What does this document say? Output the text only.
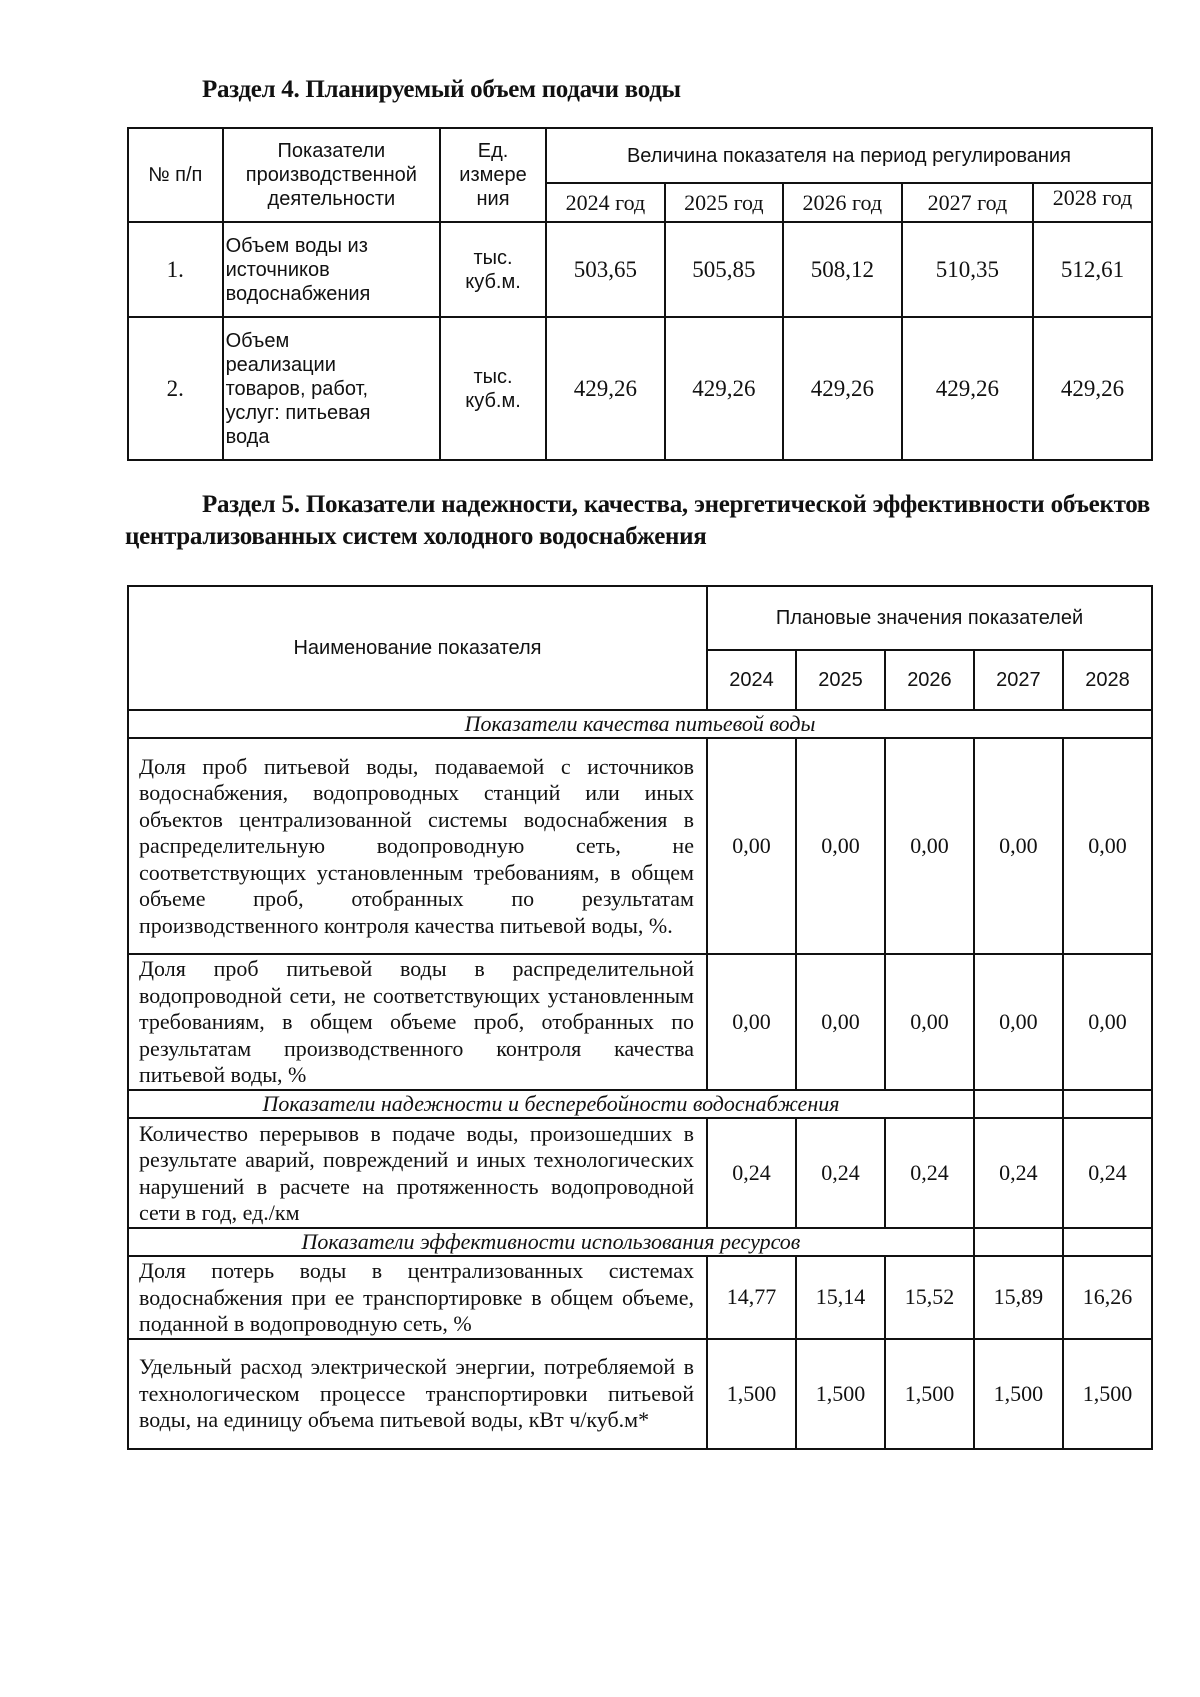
Раздел 4. Планируемый объем подачи воды
№ п/п	Показатели производственной деятельности	Ед. измере ния	Величина показателя на период регулирования				
			2024 год	2025 год	2026 год	2027 год	2028 год
1.	Объем воды из источников водоснабжения	тыс. куб.м.	503,65	505,85	508,12	510,35	512,61
2.	Объем реализации товаров, работ, услуг: питьевая вода	тыс. куб.м.	429,26	429,26	429,26	429,26	429,26
Раздел 5. Показатели надежности, качества, энергетической эффективности объектов централизованных систем холодного водоснабжения
Наименование показателя	Плановые значения показателей				
	2024	2025	2026	2027	2028
Показатели качества питьевой воды					
Доля проб питьевой воды, подаваемой с источников водоснабжения, водопроводных станций или иных объектов централизованной системы водоснабжения в распределительную водопроводную сеть, не соответствующих установленным требованиям, в общем объеме проб, отобранных по результатам производственного контроля качества питьевой воды, %.	0,00	0,00	0,00	0,00	0,00
Доля проб питьевой воды в распределительной водопроводной сети, не соответствующих установленным требованиям, в общем объеме проб, отобранных по результатам производственного контроля качества питьевой воды, %	0,00	0,00	0,00	0,00	0,00
Показатели надежности и бесперебойности водоснабжения					
Количество перерывов в подаче воды, произошедших в результате аварий, повреждений и иных технологических нарушений в расчете на протяженность водопроводной сети в год, ед./км	0,24	0,24	0,24	0,24	0,24
Показатели эффективности использования ресурсов					
Доля потерь воды в централизованных системах водоснабжения при ее транспортировке в общем объеме, поданной в водопроводную сеть, %	14,77	15,14	15,52	15,89	16,26
Удельный расход электрической энергии, потребляемой в технологическом процессе транспортировки питьевой воды, на единицу объема питьевой воды, кВт ч/куб.м*	1,500	1,500	1,500	1,500	1,500
